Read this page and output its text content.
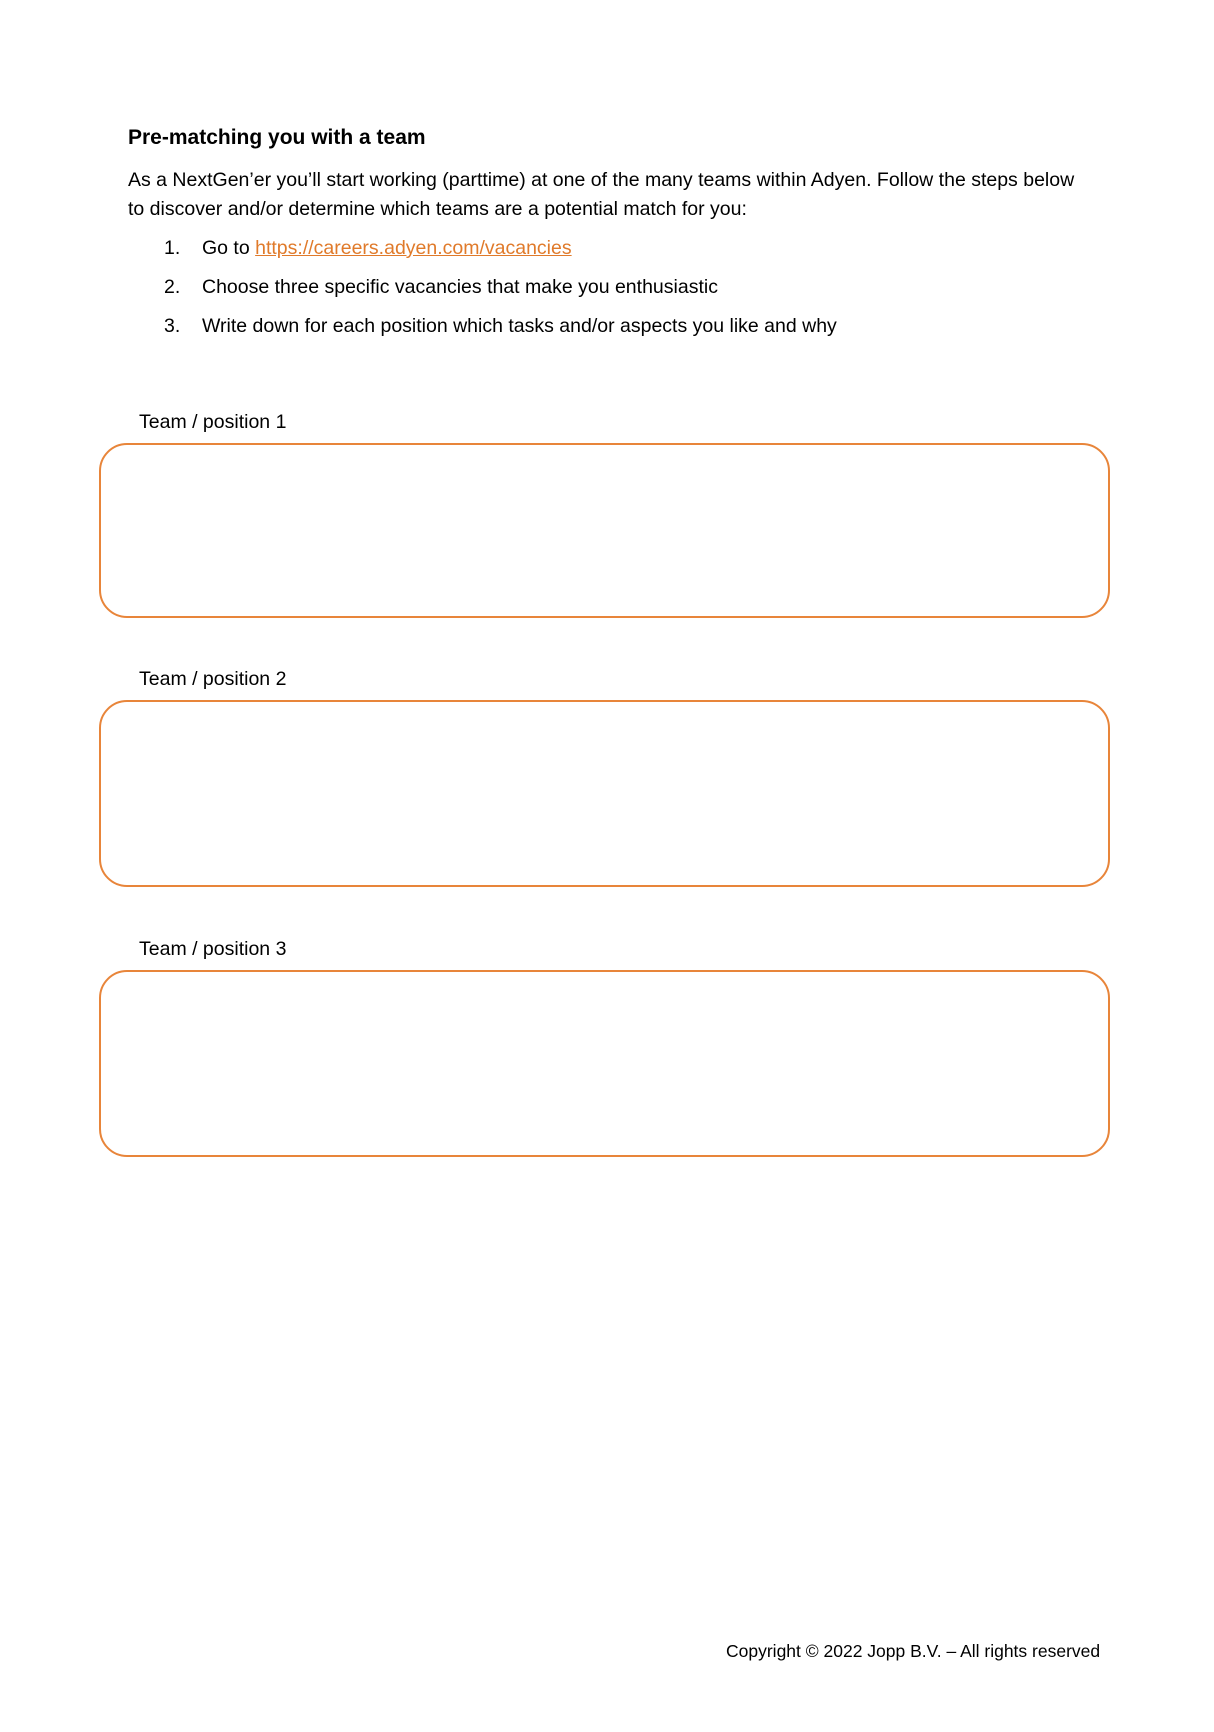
Pre-matching you with a team

As a NextGen’er you’ll start working (parttime) at one of the many teams within Adyen. Follow the steps below to discover and/or determine which teams are a potential match for you:

1.	Go to https://careers.adyen.com/vacancies
2.	Choose three specific vacancies that make you enthusiastic
3.	Write down for each position which tasks and/or aspects you like and why
Team / position 1
Team / position 2
Team / position 3
Copyright © 2022 Jopp B.V. – All rights reserved
